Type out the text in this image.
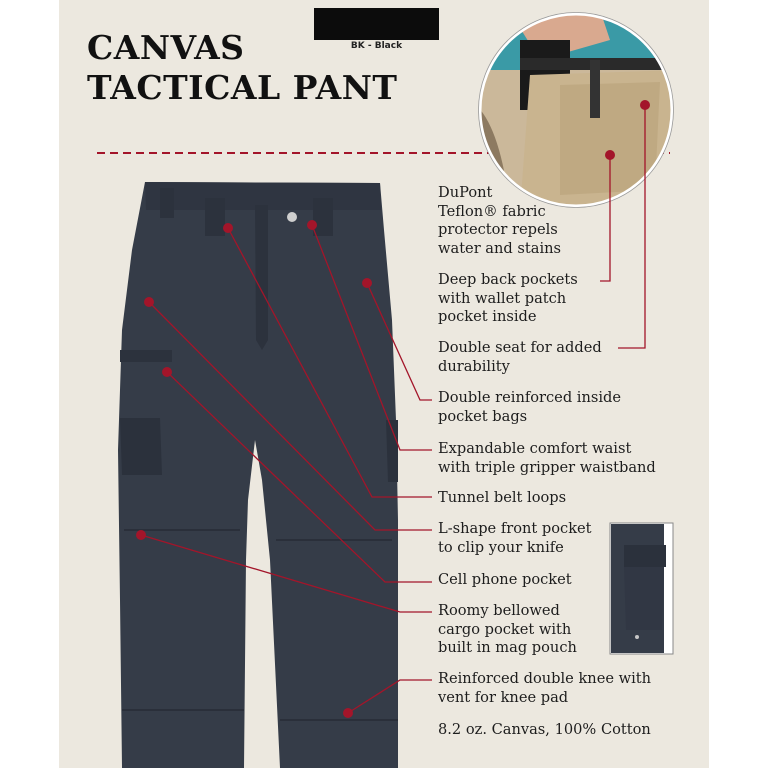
CANVAS
TACTICAL PANT
BK - Black
DuPont
Teflon® fabric
protector repels
water and stains
Deep back pockets
with wallet patch
pocket inside
Double seat for added
durability
Double reinforced inside
pocket bags
Expandable comfort waist
with triple gripper waistband
Tunnel belt loops
L-shape front pocket
to clip your knife
Cell phone pocket
Roomy bellowed
cargo pocket with
built in mag pouch
Reinforced double knee with
vent for knee pad
8.2 oz. Canvas, 100% Cotton
